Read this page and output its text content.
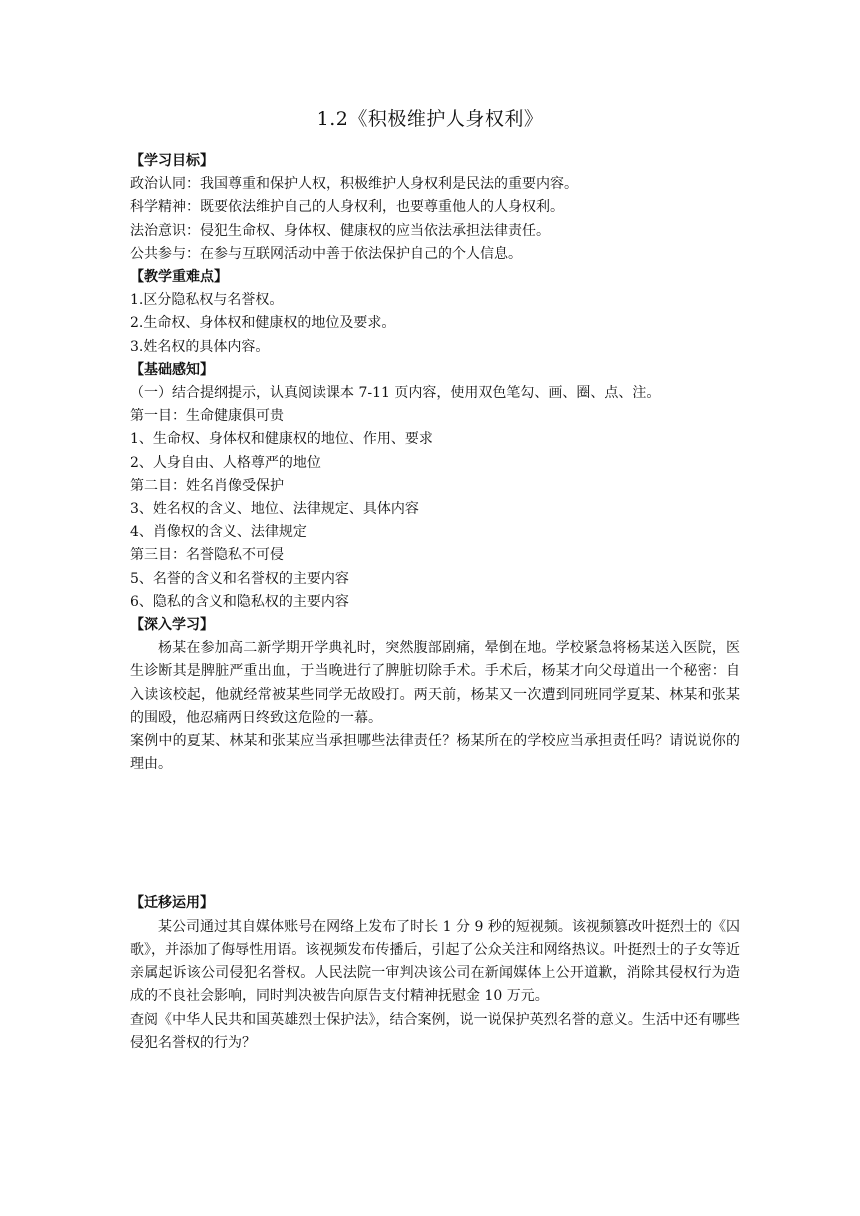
1.2《积极维护人身权利》
【学习目标】
政治认同：我国尊重和保护人权，积极维护人身权利是民法的重要内容。
科学精神：既要依法维护自己的人身权利，也要尊重他人的人身权利。
法治意识：侵犯生命权、身体权、健康权的应当依法承担法律责任。
公共参与：在参与互联网活动中善于依法保护自己的个人信息。
【教学重难点】
1.区分隐私权与名誉权。
2.生命权、身体权和健康权的地位及要求。
3.姓名权的具体内容。
【基础感知】
（一）结合提纲提示，认真阅读课本 7-11 页内容，使用双色笔勾、画、圈、点、注。
第一目：生命健康俱可贵
1、生命权、身体权和健康权的地位、作用、要求
2、人身自由、人格尊严的地位
第二目：姓名肖像受保护
3、姓名权的含义、地位、法律规定、具体内容
4、肖像权的含义、法律规定
第三目：名誉隐私不可侵
5、名誉的含义和名誉权的主要内容
6、隐私的含义和隐私权的主要内容
【深入学习】
杨某在参加高二新学期开学典礼时，突然腹部剧痛，晕倒在地。学校紧急将杨某送入医院，医生诊断其是脾脏严重出血，于当晚进行了脾脏切除手术。手术后，杨某才向父母道出一个秘密：自入读该校起，他就经常被某些同学无故殴打。两天前，杨某又一次遭到同班同学夏某、林某和张某的围殴，他忍痛两日终致这危险的一幕。
案例中的夏某、林某和张某应当承担哪些法律责任？杨某所在的学校应当承担责任吗？请说说你的理由。
【迁移运用】
某公司通过其自媒体账号在网络上发布了时长 1 分 9 秒的短视频。该视频篡改叶挺烈士的《囚歌》，并添加了侮辱性用语。该视频发布传播后，引起了公众关注和网络热议。叶挺烈士的子女等近亲属起诉该公司侵犯名誉权。人民法院一审判决该公司在新闻媒体上公开道歉，消除其侵权行为造成的不良社会影响，同时判决被告向原告支付精神抚慰金 10 万元。
查阅《中华人民共和国英雄烈士保护法》，结合案例，说一说保护英烈名誉的意义。生活中还有哪些侵犯名誉权的行为？
